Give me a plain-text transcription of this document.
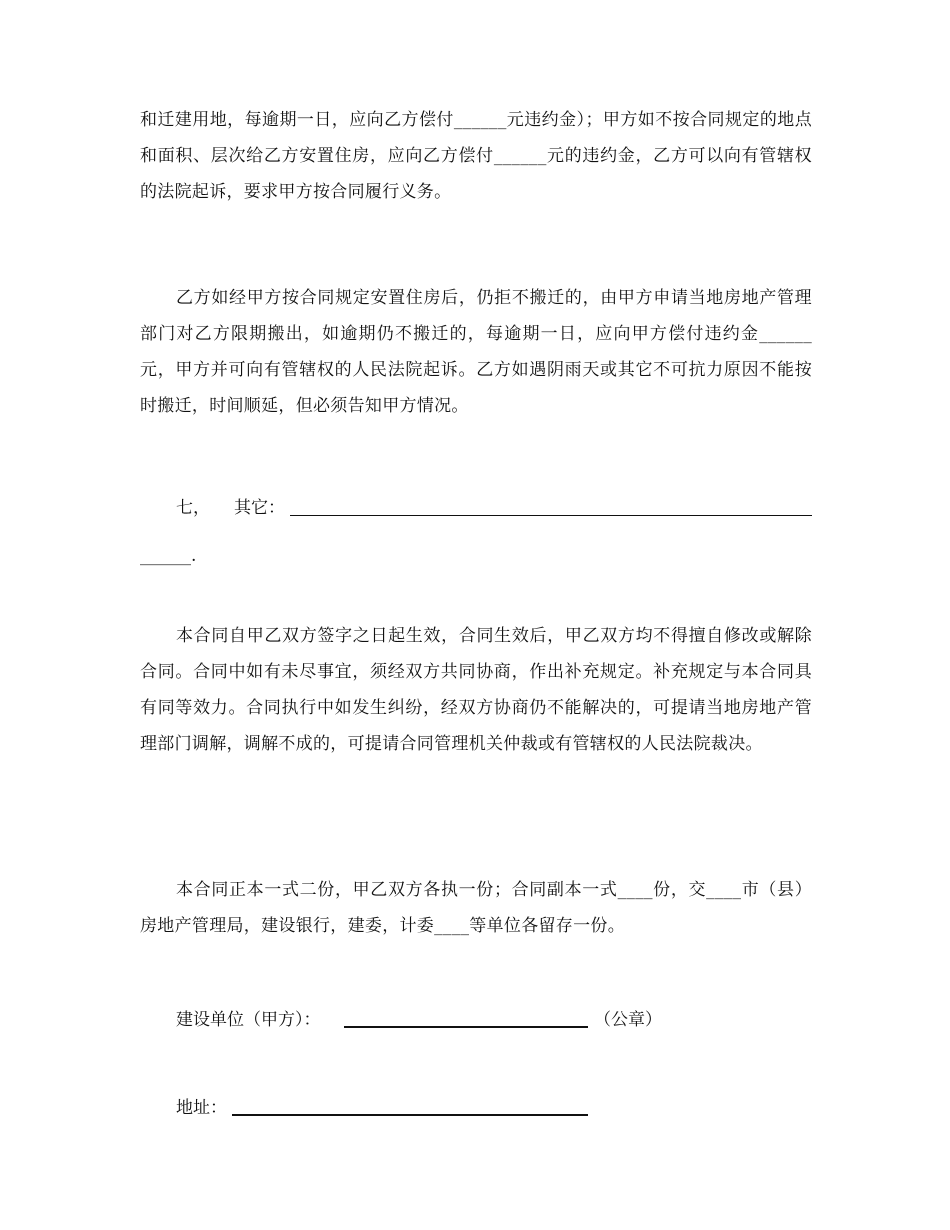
和迁建用地，每逾期一日，应向乙方偿付______元违约金）；甲方如不按合同规定的地点和面积、层次给乙方安置住房，应向乙方偿付______元的违约金，乙方可以向有管辖权的法院起诉，要求甲方按合同履行义务。

乙方如经甲方按合同规定安置住房后，仍拒不搬迁的，由甲方申请当地房地产管理部门对乙方限期搬出，如逾期仍不搬迁的，每逾期一日，应向甲方偿付违约金______元，甲方并可向有管辖权的人民法院起诉。乙方如遇阴雨天或其它不可抗力原因不能按时搬迁，时间顺延，但必须告知甲方情况。

七， 其它：
______.

本合同自甲乙双方签字之日起生效，合同生效后，甲乙双方均不得擅自修改或解除合同。合同中如有未尽事宜，须经双方共同协商，作出补充规定。补充规定与本合同具有同等效力。合同执行中如发生纠纷，经双方协商仍不能解决的，可提请当地房地产管理部门调解，调解不成的，可提请合同管理机关仲裁或有管辖权的人民法院裁决。

本合同正本一式二份，甲乙双方各执一份；合同副本一式____份，交____市（县）房地产管理局，建设银行，建委，计委____等单位各留存一份。

建设单位（甲方）：	（公章）
地址：
